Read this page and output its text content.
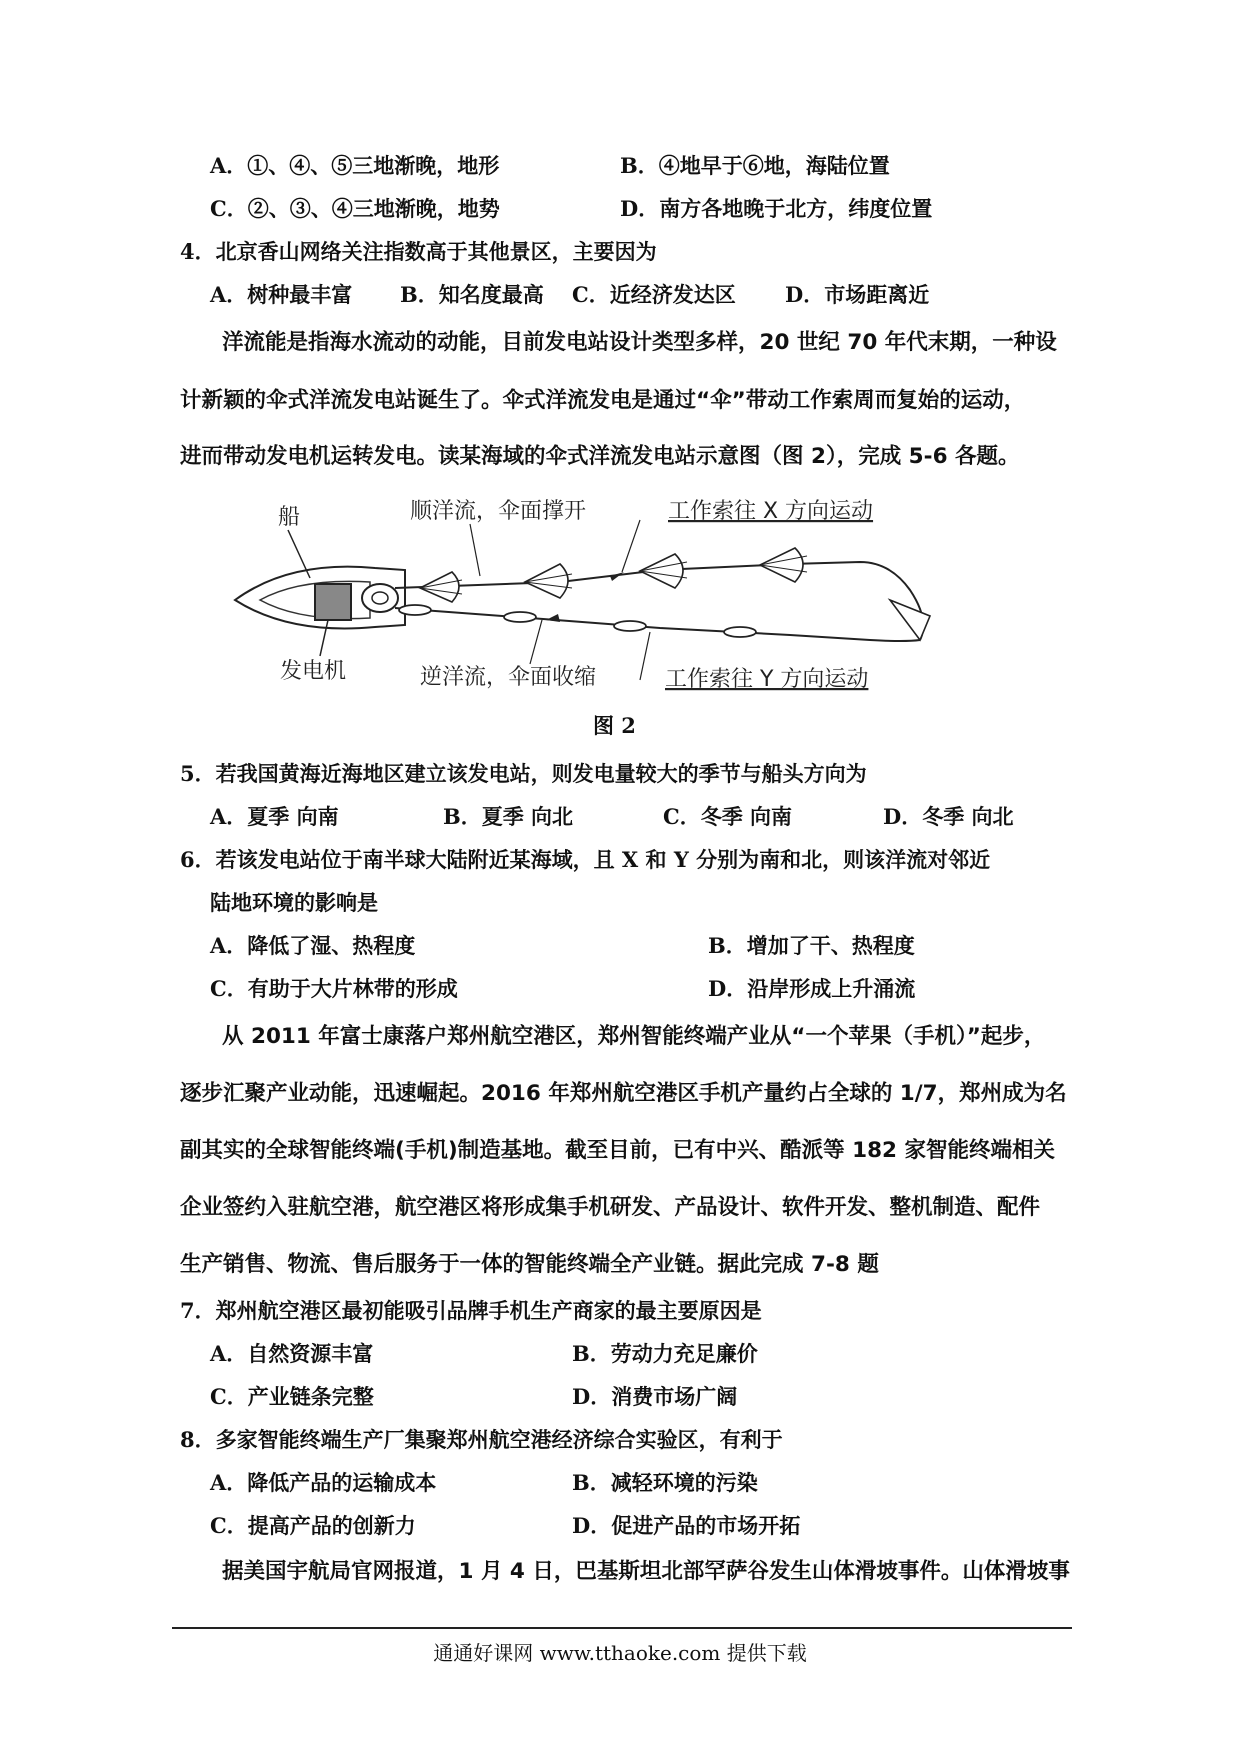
A．①、④、⑤三地渐晚，地形	B．④地早于⑥地，海陆位置
C．②、③、④三地渐晚，地势	D．南方各地晚于北方，纬度位置
4．北京香山网络关注指数高于其他景区，主要因为
A．树种最丰富 B．知名度最高 C．近经济发达区 D．市场距离近
洋流能是指海水流动的动能，目前发电站设计类型多样，20 世纪 70 年代末期，一种设
计新颖的伞式洋流发电站诞生了。伞式洋流发电是通过“伞”带动工作索周而复始的运动，
进而带动发电机运转发电。读某海域的伞式洋流发电站示意图（图 2），完成 5-6 各题。
船	顺洋流，伞面撑开	工作索往 X 方向运动
发电机	逆洋流，伞面收缩	工作索往 Y 方向运动
图 2
5．若我国黄海近海地区建立该发电站，则发电量较大的季节与船头方向为
A．夏季 向南	B．夏季 向北	C．冬季 向南	D．冬季 向北
6．若该发电站位于南半球大陆附近某海域，且 X 和 Y 分别为南和北，则该洋流对邻近
陆地环境的影响是
A．降低了湿、热程度	B．增加了干、热程度
C．有助于大片林带的形成	D．沿岸形成上升涌流
从 2011 年富士康落户郑州航空港区，郑州智能终端产业从“一个苹果（手机）”起步，
逐步汇聚产业动能，迅速崛起。2016 年郑州航空港区手机产量约占全球的 1/7，郑州成为名
副其实的全球智能终端(手机)制造基地。截至目前，已有中兴、酷派等 182 家智能终端相关
企业签约入驻航空港，航空港区将形成集手机研发、产品设计、软件开发、整机制造、配件
生产销售、物流、售后服务于一体的智能终端全产业链。据此完成 7-8 题
7．郑州航空港区最初能吸引品牌手机生产商家的最主要原因是
A．自然资源丰富	B．劳动力充足廉价
C．产业链条完整	D．消费市场广阔
8．多家智能终端生产厂集聚郑州航空港经济综合实验区，有利于
A．降低产品的运输成本	B．减轻环境的污染
C．提高产品的创新力	D．促进产品的市场开拓
据美国宇航局官网报道，1 月 4 日，巴基斯坦北部罕萨谷发生山体滑坡事件。山体滑坡事
通通好课网 www.tthaoke.com 提供下载
